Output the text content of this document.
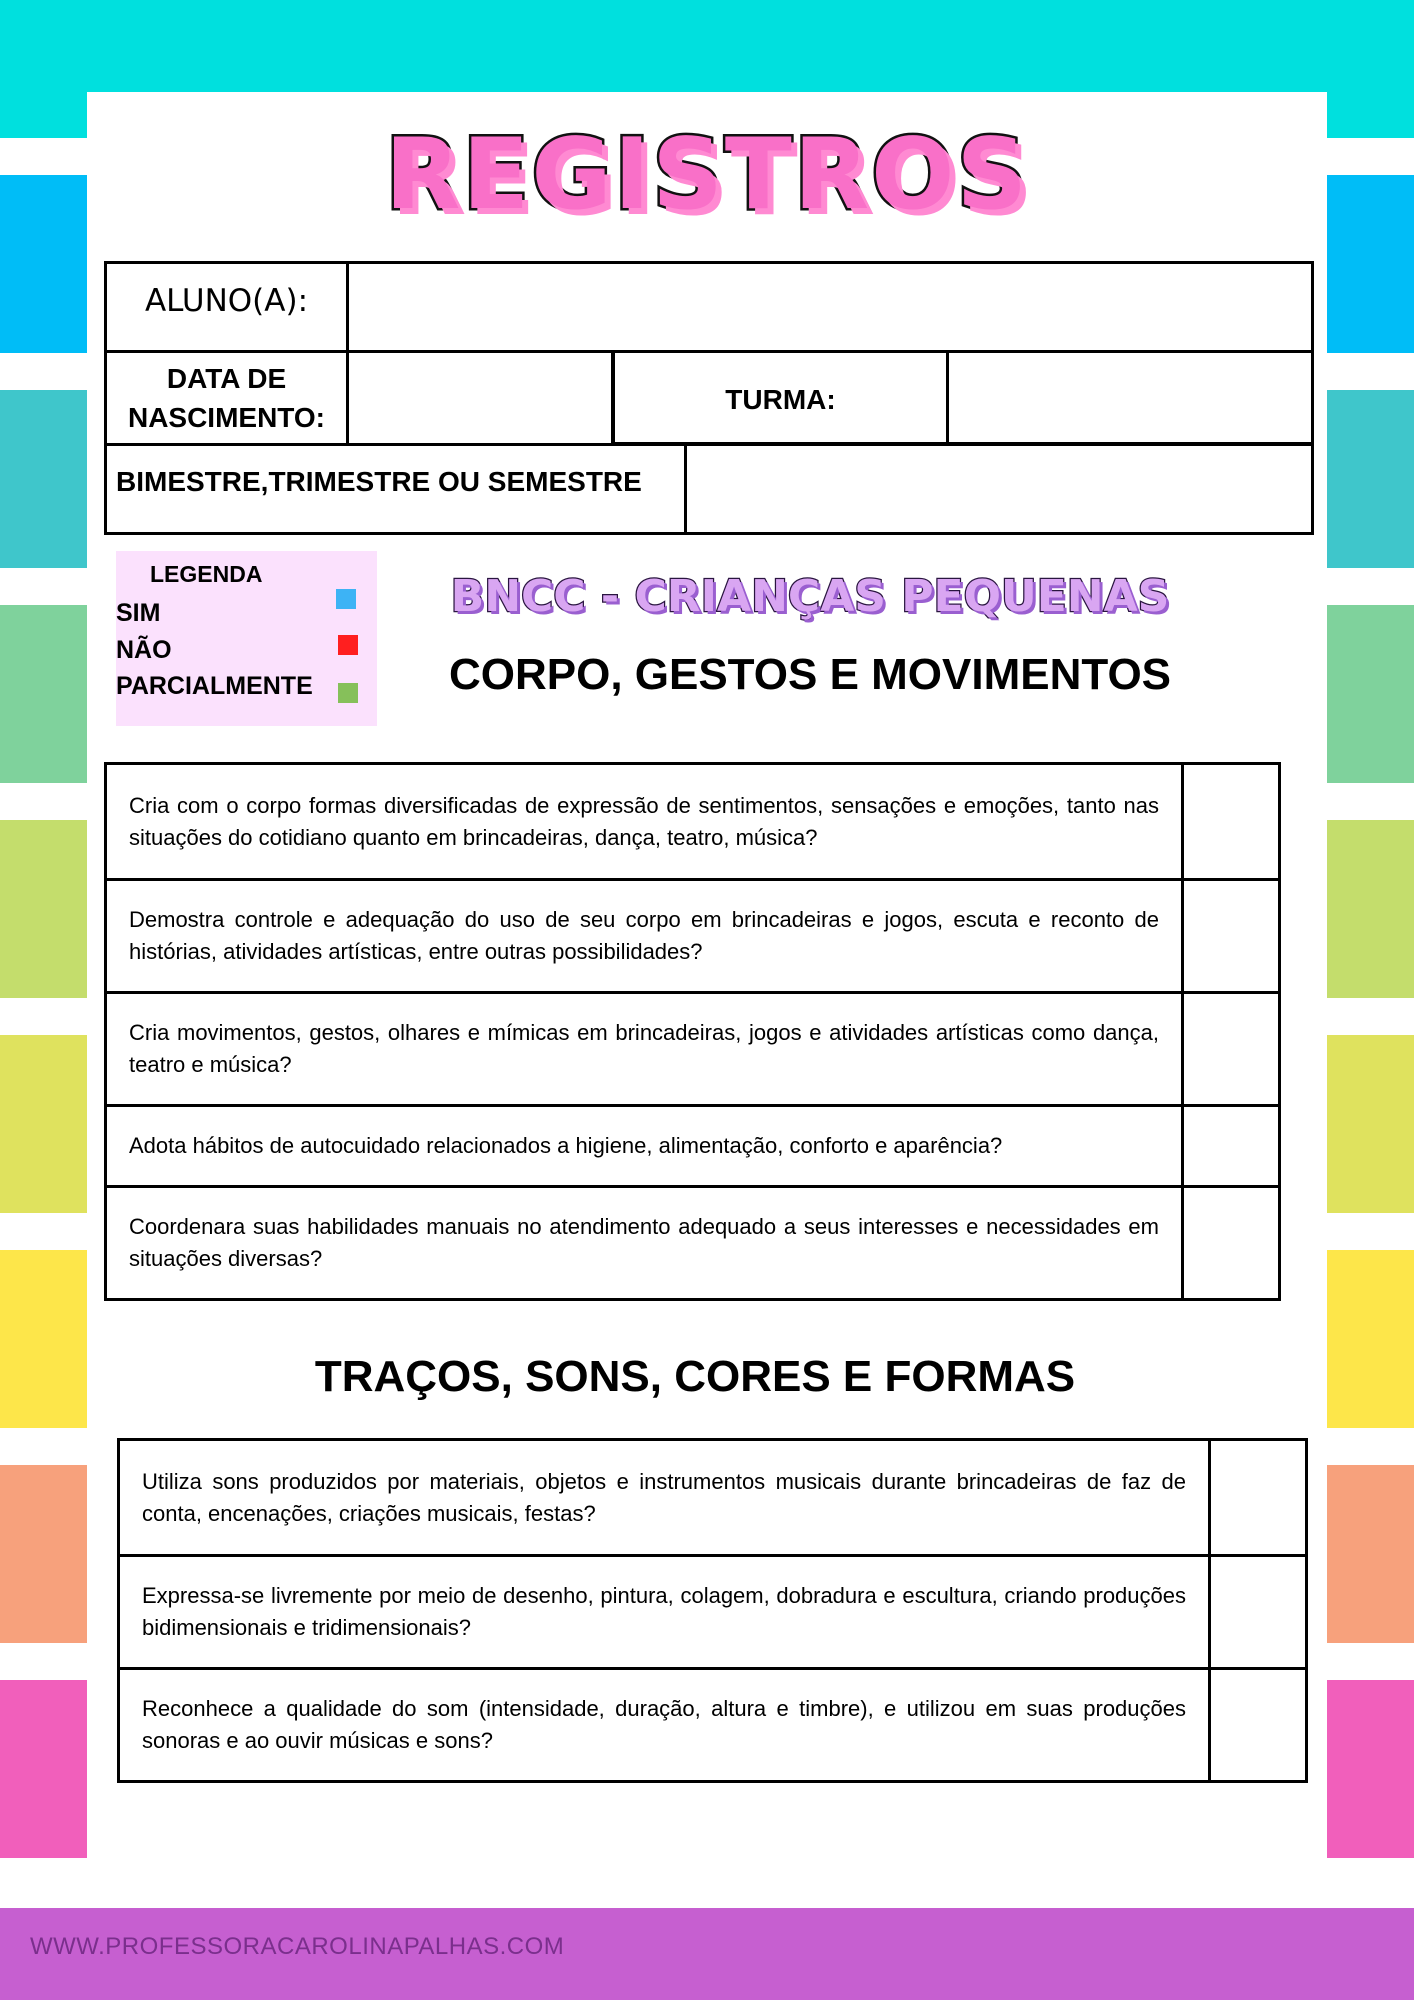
WWW.PROFESSORACAROLINAPALHAS.COM
REGISTROS
ALUNO(A):
DATA DE
NASCIMENTO:
TURMA:
BIMESTRE,TRIMESTRE OU SEMESTRE
LEGENDA
SIM
NÃO
PARCIALMENTE
BNCC - CRIANÇAS PEQUENAS
CORPO, GESTOS E MOVIMENTOS
Cria com o corpo formas diversificadas de expressão de sentimentos, sensações e emoções, tanto nas situações do cotidiano quanto em brincadeiras, dança, teatro, música?
Demostra controle e adequação do uso de seu corpo em brincadeiras e jogos, escuta e reconto de histórias, atividades artísticas, entre outras possibilidades?
Cria movimentos, gestos, olhares e mímicas em brincadeiras, jogos e atividades artísticas como dança, teatro e música?
Adota hábitos de autocuidado relacionados a higiene, alimentação, conforto e aparência?
Coordenara suas habilidades manuais no atendimento adequado a seus interesses e necessidades em situações diversas?
TRAÇOS, SONS, CORES E FORMAS
Utiliza sons produzidos por materiais, objetos e instrumentos musicais durante brincadeiras de faz de conta, encenações, criações musicais, festas?
Expressa-se livremente por meio de desenho, pintura, colagem, dobradura e escultura, criando produções bidimensionais e tridimensionais?
Reconhece a qualidade do som (intensidade, duração, altura e timbre), e utilizou em suas produções sonoras e ao ouvir músicas e sons?
